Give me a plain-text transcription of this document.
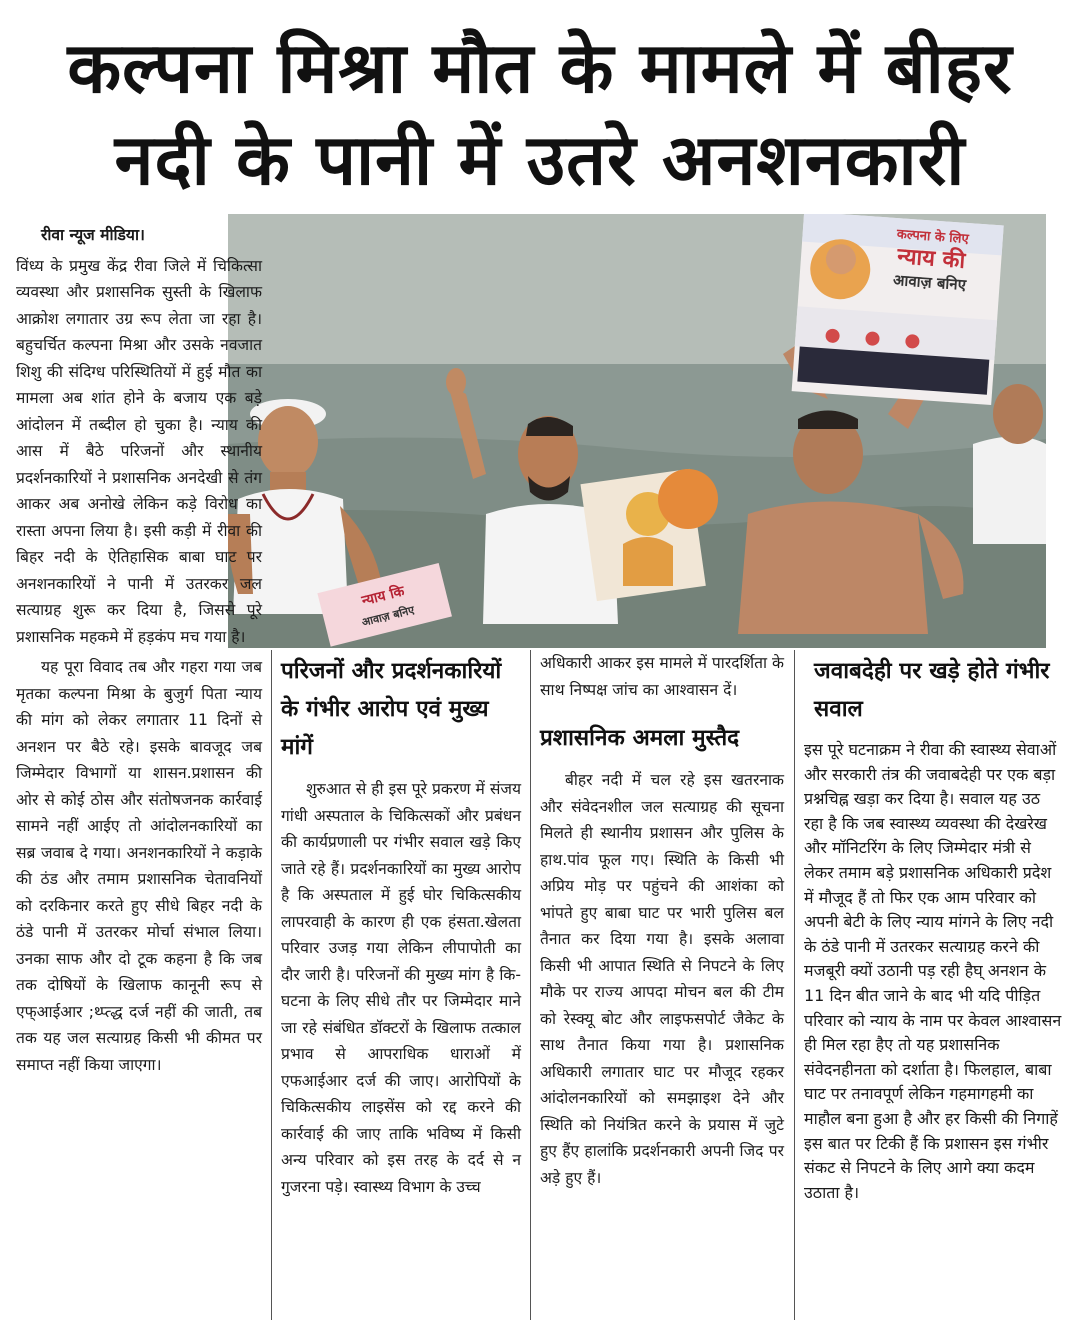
कल्पना मिश्रा मौत के मामले में बीहर
नदी के पानी में उतरे अनशनकारी
कल्पना के लिए
न्याय की
आवाज़ बनिए
न्याय कि
आवाज़ बनिए

रीवा न्यूज मीडिया।

विंध्य के प्रमुख केंद्र रीवा जिले में चिकित्सा व्यवस्था और प्रशासनिक सुस्ती के खिलाफ आक्रोश लगातार उग्र रूप लेता जा रहा है। बहुचर्चित कल्पना मिश्रा और उसके नवजात शिशु की संदिग्ध परिस्थितियों में हुई मौत का मामला अब शांत होने के बजाय एक बड़े आंदोलन में तब्दील हो चुका है। न्याय की आस में बैठे परिजनों और स्थानीय प्रदर्शनकारियों ने प्रशासनिक अनदेखी से तंग आकर अब अनोखे लेकिन कड़े विरोध का रास्ता अपना लिया है। इसी कड़ी में रीवा की बिहर नदी के ऐतिहासिक बाबा घाट पर अनशनकारियों ने पानी में उतरकर जल सत्याग्रह शुरू कर दिया है, जिससे पूरे प्रशासनिक महकमे में हड़कंप मच गया है।

यह पूरा विवाद तब और गहरा गया जब मृतका कल्पना मिश्रा के बुजुर्ग पिता न्याय की मांग को लेकर लगातार 11 दिनों से अनशन पर बैठे रहे। इसके बावजूद जब जिम्मेदार विभागों या शासन.प्रशासन की ओर से कोई ठोस और संतोषजनक कार्रवाई सामने नहीं आईए तो आंदोलनकारियों का सब्र जवाब दे गया। अनशनकारियों ने कड़ाके की ठंड और तमाम प्रशासनिक चेतावनियों को दरकिनार करते हुए सीधे बिहर नदी के ठंडे पानी में उतरकर मोर्चा संभाल लिया। उनका साफ और दो टूक कहना है कि जब तक दोषियों के खिलाफ कानूनी रूप से एफ्आईआर ;थ्प्त्द्ध दर्ज नहीं की जाती, तब तक यह जल सत्याग्रह किसी भी कीमत पर समाप्त नहीं किया जाएगा।

परिजनों और प्रदर्शनकारियों के गंभीर आरोप एवं मुख्य मांगें

शुरुआत से ही इस पूरे प्रकरण में संजय गांधी अस्पताल के चिकित्सकों और प्रबंधन की कार्यप्रणाली पर गंभीर सवाल खड़े किए जाते रहे हैं। प्रदर्शनकारियों का मुख्य आरोप है कि अस्पताल में हुई घोर चिकित्सकीय लापरवाही के कारण ही एक हंसता.खेलता परिवार उजड़ गया लेकिन लीपापोती का दौर जारी है। परिजनों की मुख्य मांग है कि- घटना के लिए सीधे तौर पर जिम्मेदार माने जा रहे संबंधित डॉक्टरों के खिलाफ तत्काल प्रभाव से आपराधिक धाराओं में एफआईआर दर्ज की जाए। आरोपियों के चिकित्सकीय लाइसेंस को रद्द करने की कार्रवाई की जाए ताकि भविष्य में किसी अन्य परिवार को इस तरह के दर्द से न गुजरना पड़े। स्वास्थ्य विभाग के उच्च

अधिकारी आकर इस मामले में पारदर्शिता के साथ निष्पक्ष जांच का आश्वासन दें।

प्रशासनिक अमला मुस्तैद

बीहर नदी में चल रहे इस खतरनाक और संवेदनशील जल सत्याग्रह की सूचना मिलते ही स्थानीय प्रशासन और पुलिस के हाथ.पांव फूल गए। स्थिति के किसी भी अप्रिय मोड़ पर पहुंचने की आशंका को भांपते हुए बाबा घाट पर भारी पुलिस बल तैनात कर दिया गया है। इसके अलावा किसी भी आपात स्थिति से निपटने के लिए मौके पर राज्य आपदा मोचन बल की टीम को रेस्क्यू बोट और लाइफसपोर्ट जैकेट के साथ तैनात किया गया है। प्रशासनिक अधिकारी लगातार घाट पर मौजूद रहकर आंदोलनकारियों को समझाइश देने और स्थिति को नियंत्रित करने के प्रयास में जुटे हुए हैंए हालांकि प्रदर्शनकारी अपनी जिद पर अड़े हुए हैं।

जवाबदेही पर खड़े होते गंभीर सवाल

इस पूरे घटनाक्रम ने रीवा की स्वास्थ्य सेवाओं और सरकारी तंत्र की जवाबदेही पर एक बड़ा प्रश्नचिह्न खड़ा कर दिया है। सवाल यह उठ रहा है कि जब स्वास्थ्य व्यवस्था की देखरेख और मॉनिटरिंग के लिए जिम्मेदार मंत्री से लेकर तमाम बड़े प्रशासनिक अधिकारी प्रदेश में मौजूद हैं तो फिर एक आम परिवार को अपनी बेटी के लिए न्याय मांगने के लिए नदी के ठंडे पानी में उतरकर सत्याग्रह करने की मजबूरी क्यों उठानी पड़ रही हैघ् अनशन के 11 दिन बीत जाने के बाद भी यदि पीड़ित परिवार को न्याय के नाम पर केवल आश्वासन ही मिल रहा हैए तो यह प्रशासनिक संवेदनहीनता को दर्शाता है। फिलहाल, बाबा घाट पर तनावपूर्ण लेकिन गहमागहमी का माहौल बना हुआ है और हर किसी की निगाहें इस बात पर टिकी हैं कि प्रशासन इस गंभीर संकट से निपटने के लिए आगे क्या कदम उठाता है।
